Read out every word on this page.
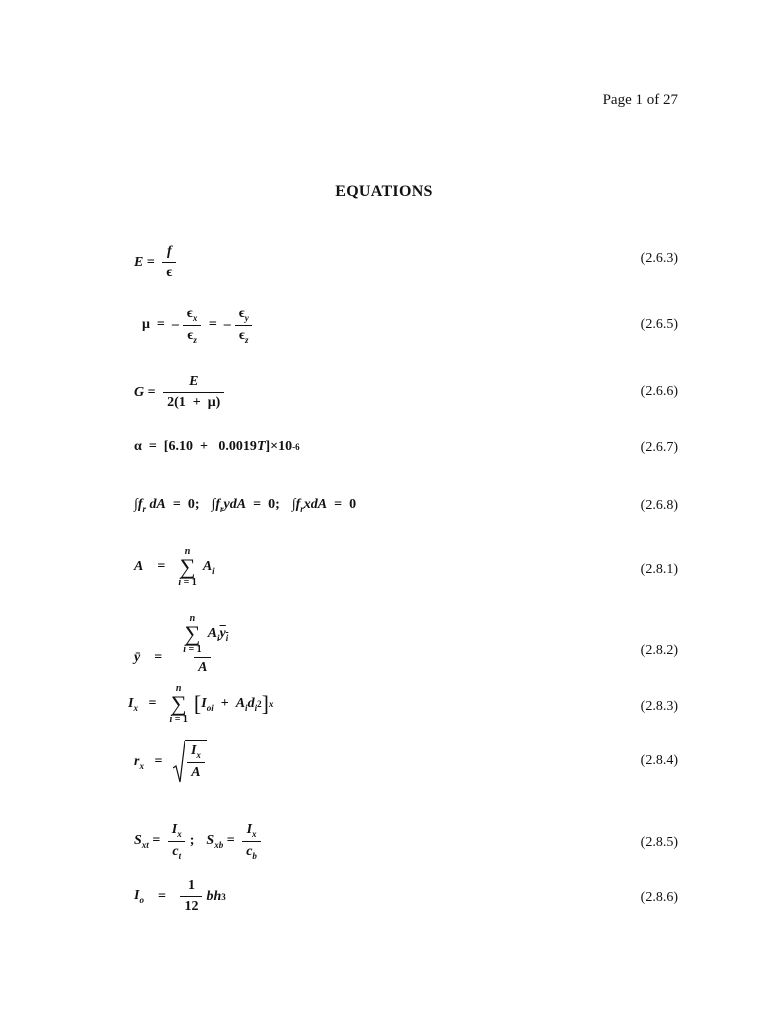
Page 1 of 27
EQUATIONS
$E = \frac{f}{\epsilon}$	(2.6.3)
μ  =  – $\frac{\epsilon_x}{\epsilon_z}$ =  – $\frac{\epsilon_y}{\epsilon_z}$	(2.6.5)
$G = \frac{E}{2(1 + \mu)}$	(2.6.6)
α  =  [6.10  +   0.0019 T ]×10 -6	(2.6.7)
∫ $f_r$
dA =  0;
∫ $f_r$ ydA =  0;
∫ $f_r$ xdA =  0	(2.6.8)
A =
n
∑
i = 1
$A_i$	(2.8.1)
ȳ    = n
∑
i = 1
$A_i$ $y_i$
A	(2.8.2)
$I_x$ =
n
∑
i = 1
[ $I_{oi} + A_id_i$ 2 ] x	(2.8.3)
$r_x = \frac{I_x}{A}$	(2.8.4)
$S_{xt} = \frac{I_x}{c_t}$ ; $S_{xb} = \frac{I_x}{c_b}$	(2.8.5)
$I_o = \frac{1}{12}$ bh 3	(2.8.6)
